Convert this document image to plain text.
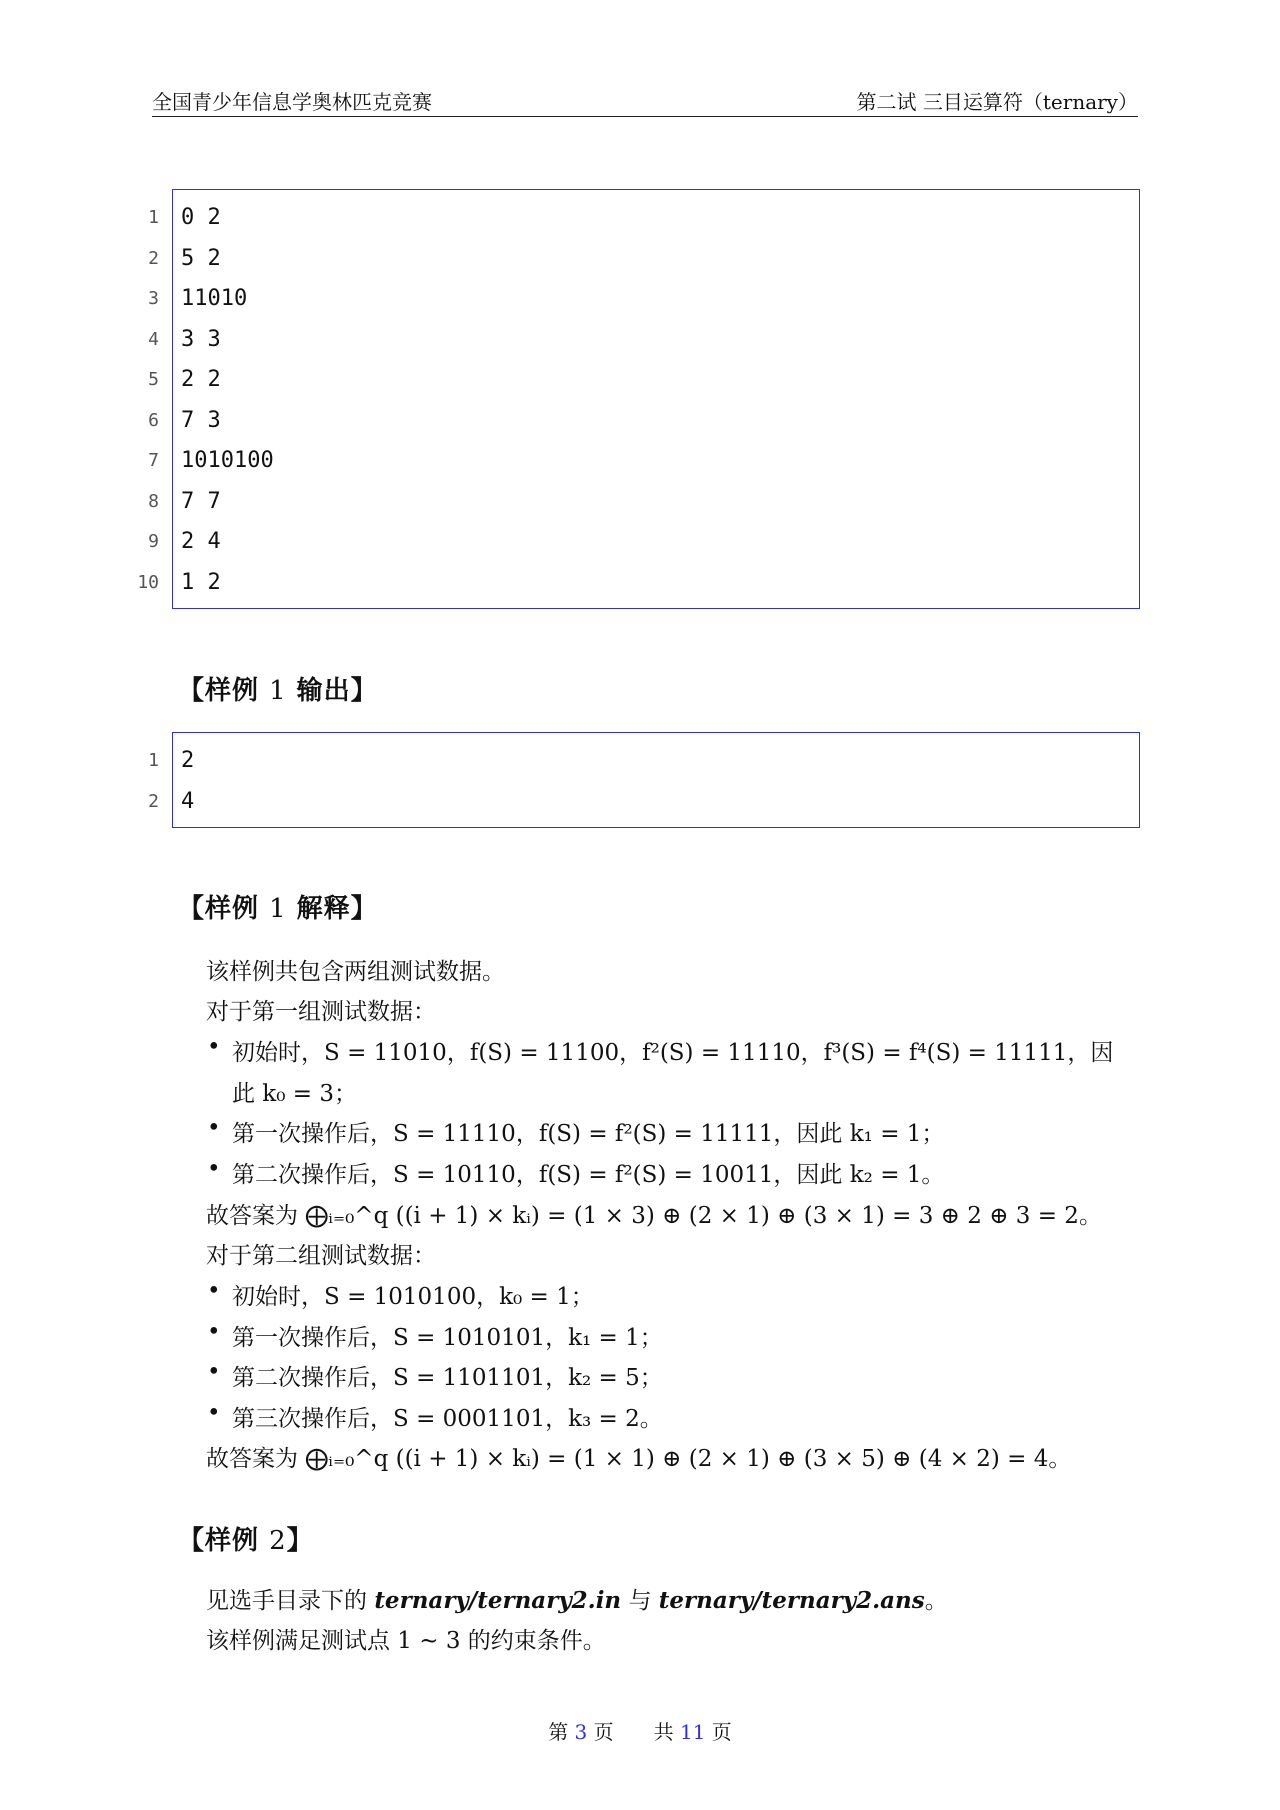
全国青少年信息学奥林匹克竞赛	第二试 三目运算符（ternary）
1 0 2
2 5 2
3 11010
4 3 3
5 2 2
6 7 3
7 1010100
8 7 7
9 2 4
10 1 2
【样例 1 输出】
1 2
2 4
【样例 1 解释】
该样例共包含两组测试数据。
对于第一组测试数据：
• 初始时，S = 11010，f(S) = 11100，f²(S) = 11110，f³(S) = f⁴(S) = 11111，因
此 k₀ = 3；
• 第一次操作后，S = 11110，f(S) = f²(S) = 11111，因此 k₁ = 1；
• 第二次操作后，S = 10110，f(S) = f²(S) = 10011，因此 k₂ = 1。
故答案为 ⨁ᵢ₌₀^q ((i + 1) × kᵢ) = (1 × 3) ⊕ (2 × 1) ⊕ (3 × 1) = 3 ⊕ 2 ⊕ 3 = 2。
对于第二组测试数据：
• 初始时，S = 1010100，k₀ = 1；
• 第一次操作后，S = 1010101，k₁ = 1；
• 第二次操作后，S = 1101101，k₂ = 5；
• 第三次操作后，S = 0001101，k₃ = 2。
故答案为 ⨁ᵢ₌₀^q ((i + 1) × kᵢ) = (1 × 1) ⊕ (2 × 1) ⊕ (3 × 5) ⊕ (4 × 2) = 4。
【样例 2】
见选手目录下的 ternary/ternary2.in 与 ternary/ternary2.ans。
该样例满足测试点 1 ∼ 3 的约束条件。
第 3 页　　共 11 页
